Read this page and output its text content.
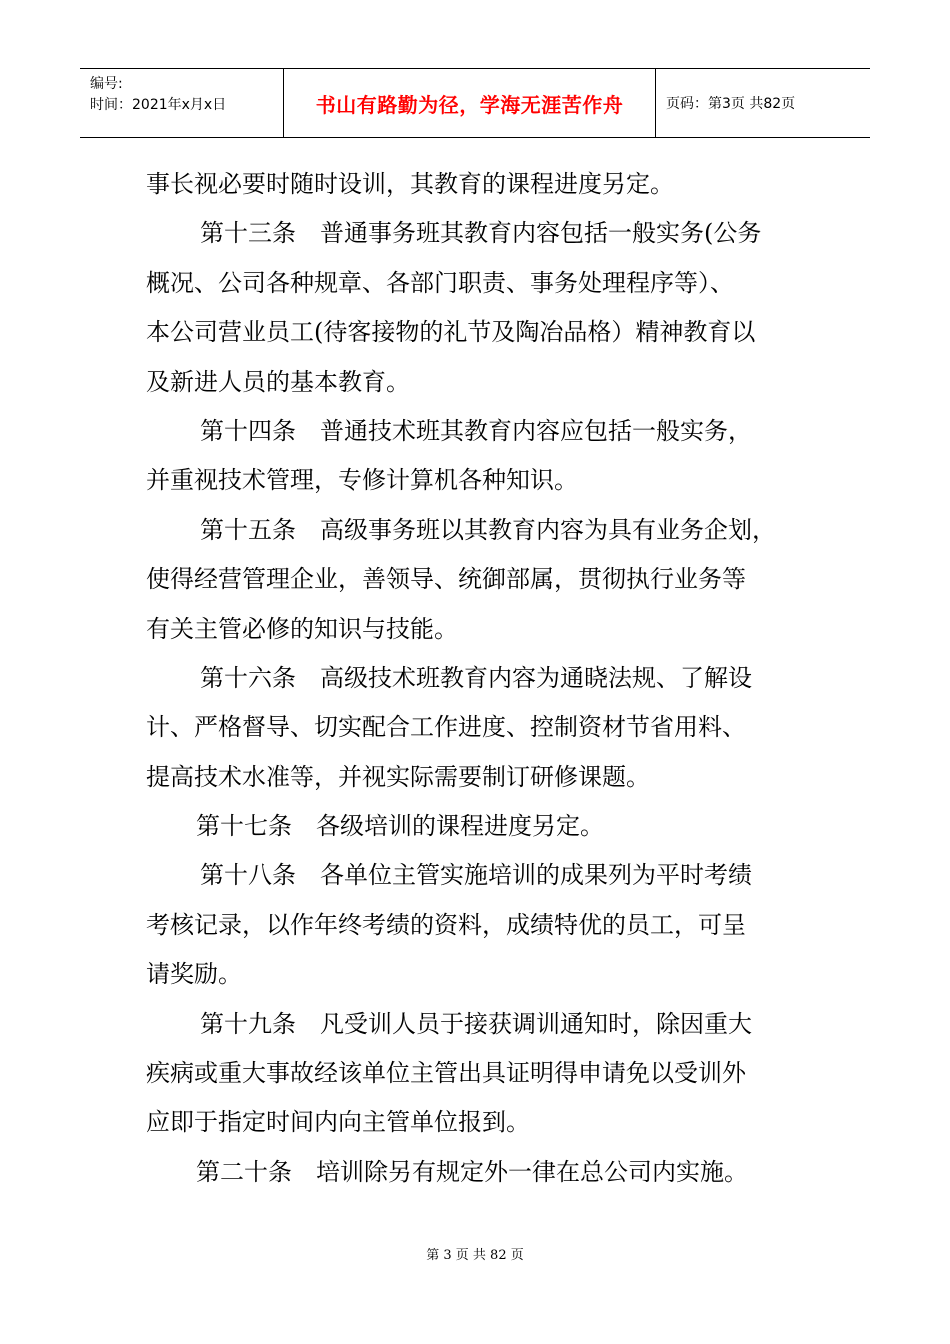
编号:
时间：2021年x月x日	书山有路勤为径，学海无涯苦作舟	页码：第3页 共82页
事长视必要时随时设训，其教育的课程进度另定。
第十三条　普通事务班其教育内容包括一般实务(公务
概况、公司各种规章、各部门职责、事务处理程序等）、
本公司营业员工(待客接物的礼节及陶冶品格）精神教育以
及新进人员的基本教育。
第十四条　普通技术班其教育内容应包括一般实务，
并重视技术管理，专修计算机各种知识。
第十五条　高级事务班以其教育内容为具有业务企划，
使得经营管理企业，善领导、统御部属，贯彻执行业务等
有关主管必修的知识与技能。
第十六条　高级技术班教育内容为通晓法规、了解设
计、严格督导、切实配合工作进度、控制资材节省用料、
提高技术水准等，并视实际需要制订研修课题。
第十七条　各级培训的课程进度另定。
第十八条　各单位主管实施培训的成果列为平时考绩
考核记录，以作年终考绩的资料，成绩特优的员工，可呈
请奖励。
第十九条　凡受训人员于接获调训通知时，除因重大
疾病或重大事故经该单位主管出具证明得申请免以受训外
应即于指定时间内向主管单位报到。
第二十条　培训除另有规定外一律在总公司内实施。
第 3 页 共 82 页
